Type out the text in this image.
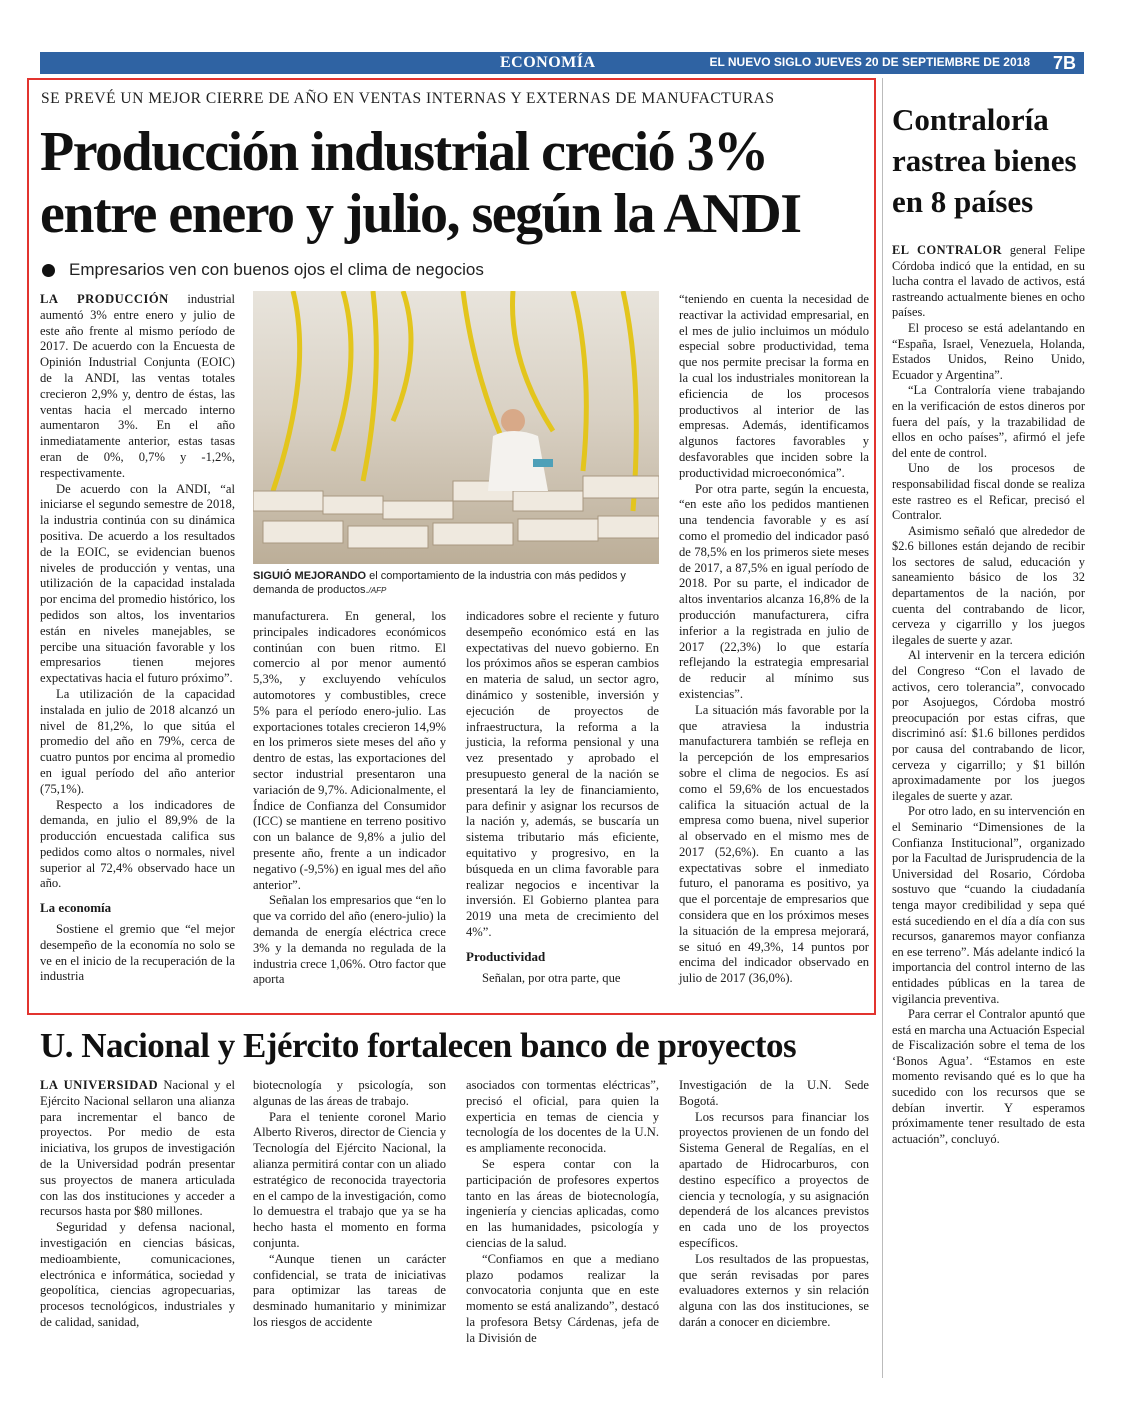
ECONOMÍA	EL NUEVO SIGLO JUEVES 20 DE SEPTIEMBRE DE 2018 7B
SE PREVÉ UN MEJOR CIERRE DE AÑO EN VENTAS INTERNAS Y EXTERNAS DE MANUFACTURAS
Producción industrial creció 3% entre enero y julio, según la ANDI
Empresarios ven con buenos ojos el clima de negocios

LA PRODUCCIÓN industrial aumentó 3% entre enero y julio de este año frente al mismo período de 2017. De acuerdo con la Encuesta de Opinión Industrial Conjunta (EOIC) de la ANDI, las ventas totales crecieron 2,9% y, dentro de éstas, las ventas hacia el mercado interno aumentaron 3%. En el año inmediatamente anterior, estas tasas eran de 0%, 0,7% y -1,2%, respectivamente.

De acuerdo con la ANDI, “al iniciarse el segundo semestre de 2018, la industria continúa con su dinámica positiva. De acuerdo a los resultados de la EOIC, se evidencian buenos niveles de producción y ventas, una utilización de la capacidad instalada por encima del promedio histórico, los pedidos son altos, los inventarios están en niveles manejables, se percibe una situación favorable y los empresarios tienen mejores expectativas hacia el futuro próximo”.

La utilización de la capacidad instalada en julio de 2018 alcanzó un nivel de 81,2%, lo que sitúa el promedio del año en 79%, cerca de cuatro puntos por encima al promedio en igual período del año anterior (75,1%).

Respecto a los indicadores de demanda, en julio el 89,9% de la producción encuestada califica sus pedidos como altos o normales, nivel superior al 72,4% observado hace un año.

La economía

Sostiene el gremio que “el mejor desempeño de la economía no solo se ve en el inicio de la recuperación de la industria

SIGUIÓ MEJORANDO el comportamiento de la industria con más pedidos y demanda de productos./AFP

manufacturera. En general, los principales indicadores económicos continúan con buen ritmo. El comercio al por menor aumentó 5,3%, y excluyendo vehículos automotores y combustibles, crece 5% para el período enero-julio. Las exportaciones totales crecieron 14,9% en los primeros siete meses del año y dentro de estas, las exportaciones del sector industrial presentaron una variación de 9,7%. Adicionalmente, el Índice de Confianza del Consumidor (ICC) se mantiene en terreno positivo con un balance de 9,8% a julio del presente año, frente a un indicador negativo (-9,5%) en igual mes del año anterior”.

Señalan los empresarios que “en lo que va corrido del año (enero-julio) la demanda de energía eléctrica crece 3% y la demanda no regulada de la industria crece 1,06%. Otro factor que aporta

indicadores sobre el reciente y futuro desempeño económico está en las expectativas del nuevo gobierno. En los próximos años se esperan cambios en materia de salud, un sector agro, dinámico y sostenible, inversión y ejecución de proyectos de infraestructura, la reforma a la justicia, la reforma pensional y una vez presentado y aprobado el presupuesto general de la nación se presentará la ley de financiamiento, para definir y asignar los recursos de la nación y, además, se buscaría un sistema tributario más eficiente, equitativo y progresivo, en la búsqueda en un clima favorable para realizar negocios e incentivar la inversión. El Gobierno plantea para 2019 una meta de crecimiento del 4%”.

Productividad

Señalan, por otra parte, que

“teniendo en cuenta la necesidad de reactivar la actividad empresarial, en el mes de julio incluimos un módulo especial sobre productividad, tema que nos permite precisar la forma en la cual los industriales monitorean la eficiencia de los procesos productivos al interior de las empresas. Además, identificamos algunos factores favorables y desfavorables que inciden sobre la productividad microeconómica”.

Por otra parte, según la encuesta, “en este año los pedidos mantienen una tendencia favorable y es así como el promedio del indicador pasó de 78,5% en los primeros siete meses de 2017, a 87,5% en igual período de 2018. Por su parte, el indicador de altos inventarios alcanza 16,8% de la producción manufacturera, cifra inferior a la registrada en julio de 2017 (22,3%) lo que estaría reflejando la estrategia empresarial de reducir al mínimo sus existencias”.

La situación más favorable por la que atraviesa la industria manufacturera también se refleja en la percepción de los empresarios sobre el clima de negocios. Es así como el 59,6% de los encuestados califica la situación actual de la empresa como buena, nivel superior al observado en el mismo mes de 2017 (52,6%). En cuanto a las expectativas sobre el inmediato futuro, el panorama es positivo, ya que el porcentaje de empresarios que considera que en los próximos meses la situación de la empresa mejorará, se situó en 49,3%, 14 puntos por encima del indicador observado en julio de 2017 (36,0%).

Contraloría rastrea bienes en 8 países

EL CONTRALOR general Felipe Córdoba indicó que la entidad, en su lucha contra el lavado de activos, está rastreando actualmente bienes en ocho países.

El proceso se está adelantando en “España, Israel, Venezuela, Holanda, Estados Unidos, Reino Unido, Ecuador y Argentina”.

“La Contraloría viene trabajando en la verificación de estos dineros por fuera del país, y la trazabilidad de ellos en ocho países”, afirmó el jefe del ente de control.

Uno de los procesos de responsabilidad fiscal donde se realiza este rastreo es el Reficar, precisó el Contralor.

Asimismo señaló que alrededor de $2.6 billones están dejando de recibir los sectores de salud, educación y saneamiento básico de los 32 departamentos de la nación, por cuenta del contrabando de licor, cerveza y cigarrillo y los juegos ilegales de suerte y azar.

Al intervenir en la tercera edición del Congreso “Con el lavado de activos, cero tolerancia”, convocado por Asojuegos, Córdoba mostró preocupación por estas cifras, que discriminó así: $1.6 billones perdidos por causa del contrabando de licor, cerveza y cigarrillo; y $1 billón aproximadamente por los juegos ilegales de suerte y azar.

Por otro lado, en su intervención en el Seminario “Dimensiones de la Confianza Institucional”, organizado por la Facultad de Jurisprudencia de la Universidad del Rosario, Córdoba sostuvo que “cuando la ciudadanía tenga mayor credibilidad y sepa qué está sucediendo en el día a día con sus recursos, ganaremos mayor confianza en ese terreno”. Más adelante indicó la importancia del control interno de las entidades públicas en la tarea de vigilancia preventiva.

Para cerrar el Contralor apuntó que está en marcha una Actuación Especial de Fiscalización sobre el tema de los ‘Bonos Agua’. “Estamos en este momento revisando qué es lo que ha sucedido con los recursos que se debían invertir. Y esperamos próximamente tener resultado de esta actuación”, concluyó.

U. Nacional y Ejército fortalecen banco de proyectos

LA UNIVERSIDAD Nacional y el Ejército Nacional sellaron una alianza para incrementar el banco de proyectos. Por medio de esta iniciativa, los grupos de investigación de la Universidad podrán presentar sus proyectos de manera articulada con las dos instituciones y acceder a recursos hasta por $80 millones.

Seguridad y defensa nacional, investigación en ciencias básicas, medioambiente, comunicaciones, electrónica e informática, sociedad y geopolítica, ciencias agropecuarias, procesos tecnológicos, industriales y de calidad, sanidad,

biotecnología y psicología, son algunas de las áreas de trabajo.

Para el teniente coronel Mario Alberto Riveros, director de Ciencia y Tecnología del Ejército Nacional, la alianza permitirá contar con un aliado estratégico de reconocida trayectoria en el campo de la investigación, como lo demuestra el trabajo que ya se ha hecho hasta el momento en forma conjunta.

“Aunque tienen un carácter confidencial, se trata de iniciativas para optimizar las tareas de desminado humanitario y minimizar los riesgos de accidente

asociados con tormentas eléctricas”, precisó el oficial, para quien la experticia en temas de ciencia y tecnología de los docentes de la U.N. es ampliamente reconocida.

Se espera contar con la participación de profesores expertos tanto en las áreas de biotecnología, ingeniería y ciencias aplicadas, como en las humanidades, psicología y ciencias de la salud.

“Confiamos en que a mediano plazo podamos realizar la convocatoria conjunta que en este momento se está analizando”, destacó la profesora Betsy Cárdenas, jefa de la División de

Investigación de la U.N. Sede Bogotá.

Los recursos para financiar los proyectos provienen de un fondo del Sistema General de Regalías, en el apartado de Hidrocarburos, con destino específico a proyectos de ciencia y tecnología, y su asignación dependerá de los alcances previstos en cada uno de los proyectos específicos.

Los resultados de las propuestas, que serán revisadas por pares evaluadores externos y sin relación alguna con las dos instituciones, se darán a conocer en diciembre.
